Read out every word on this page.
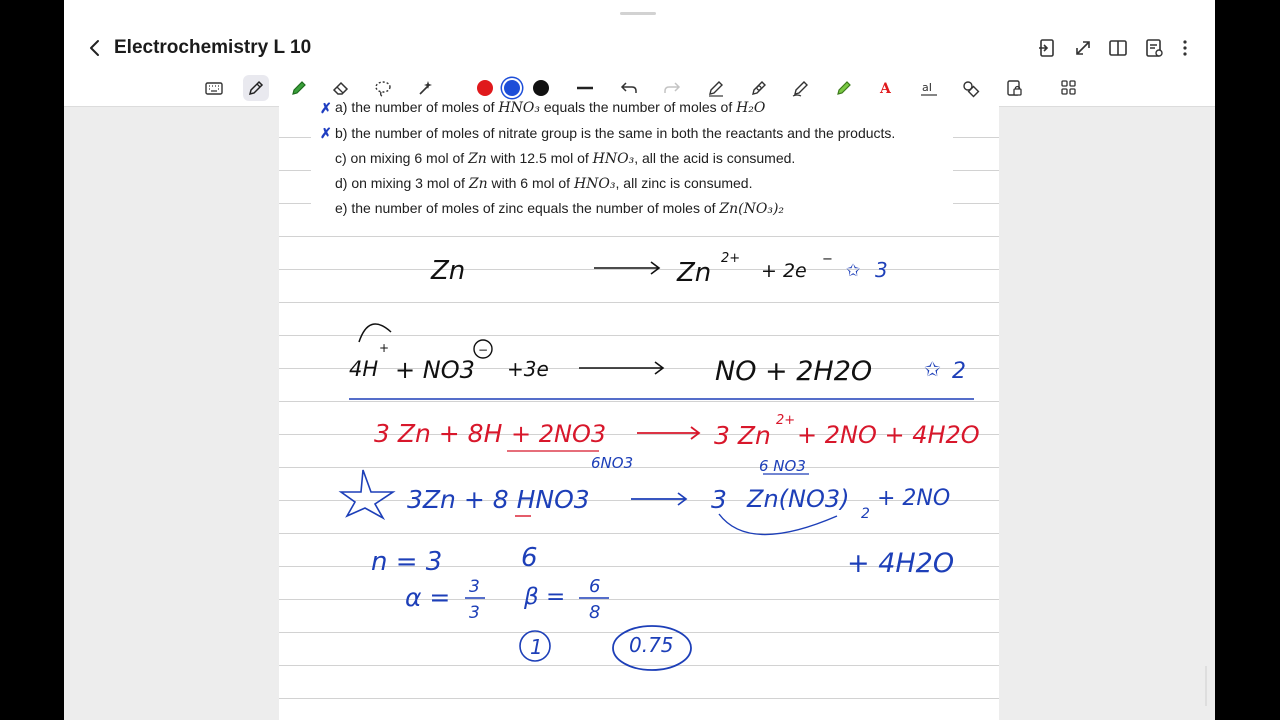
Electrochemistry L 10
A	aI
✗ a) the number of moles of HNO₃ equals the number of moles of H₂O
✗ b) the number of moles of nitrate group is the same in both the reactants and the products.
c) on mixing 6 mol of Zn with 12.5 mol of HNO₃, all the acid is consumed.
d) on mixing 3 mol of Zn with 6 mol of HNO₃, all zinc is consumed.
e) the number of moles of zinc equals the number of moles of Zn(NO₃)₂
Zn	Zn 2+
+ 2e
−
✩ 3
4H
+
+ NO3
−
+3e	NO + 2H2O	✩ 2
3 Zn + 8H + 2NO3	3 Zn
2+
+ 2NO + 4H2O
6NO3	6 NO3
3Zn + 8 HNO3	3 Zn(NO3)
2
+ 2NO
+ 4H2O
n = 3	6
α = 3
3
β = 6
8
1	0.75
